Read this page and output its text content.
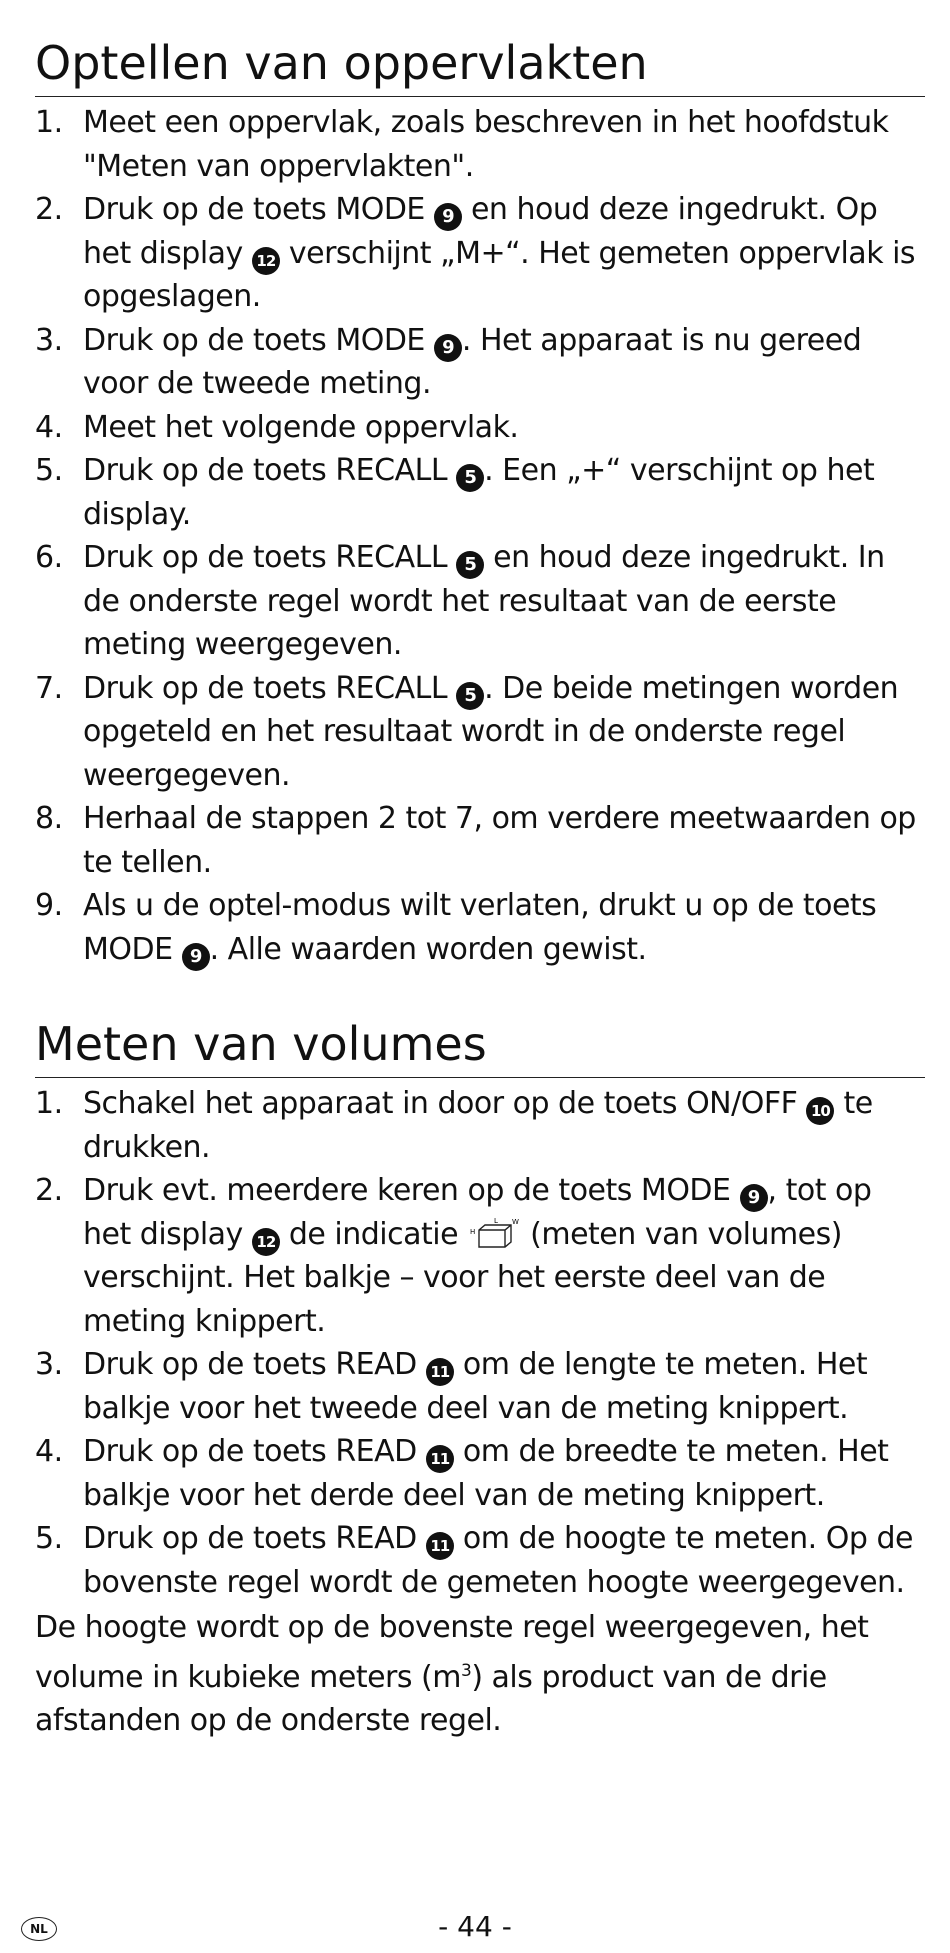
Optellen van oppervlakten
1. Meet een oppervlak, zoals beschreven in het hoofdstuk "Meten van oppervlakten".
2. Druk op de toets MODE 9 en houd deze ingedrukt. Op het display 12 verschijnt „M+“. Het gemeten oppervlak is opgeslagen.
3. Druk op de toets MODE 9 . Het apparaat is nu gereed voor de tweede meting.
4. Meet het volgende oppervlak.
5. Druk op de toets RECALL 5 . Een „+“ verschijnt op het display.
6. Druk op de toets RECALL 5 en houd deze ingedrukt. In de onderste regel wordt het resultaat van de eerste meting weergegeven.
7. Druk op de toets RECALL 5 . De beide metingen worden opgeteld en het resultaat wordt in de onderste regel weergegeven.
8. Herhaal de stappen 2 tot 7, om verdere meetwaarden op te tellen.
9. Als u de optel-modus wilt verlaten, drukt u op de toets MODE 9 . Alle waarden worden gewist.
Meten van volumes
1. Schakel het apparaat in door op de toets ON/OFF 10 te drukken.
2. Druk evt. meerdere keren op de toets MODE 9 , tot op het display 12 de indicatie H
L W (meten van volumes) verschijnt. Het balkje – voor het eerste deel van de meting knippert.
3. Druk op de toets READ 11 om de lengte te meten. Het balkje voor het tweede deel van de meting knippert.
4. Druk op de toets READ 11 om de breedte te meten. Het balkje voor het derde deel van de meting knippert.
5. Druk op de toets READ 11 om de hoogte te meten. Op de bovenste regel wordt de gemeten hoogte weergegeven.

De hoogte wordt op de bovenste regel weergegeven, het volume in kubieke meters $(m^3)$ als product van de drie afstanden op de onderste regel.

NL	- 44 -
